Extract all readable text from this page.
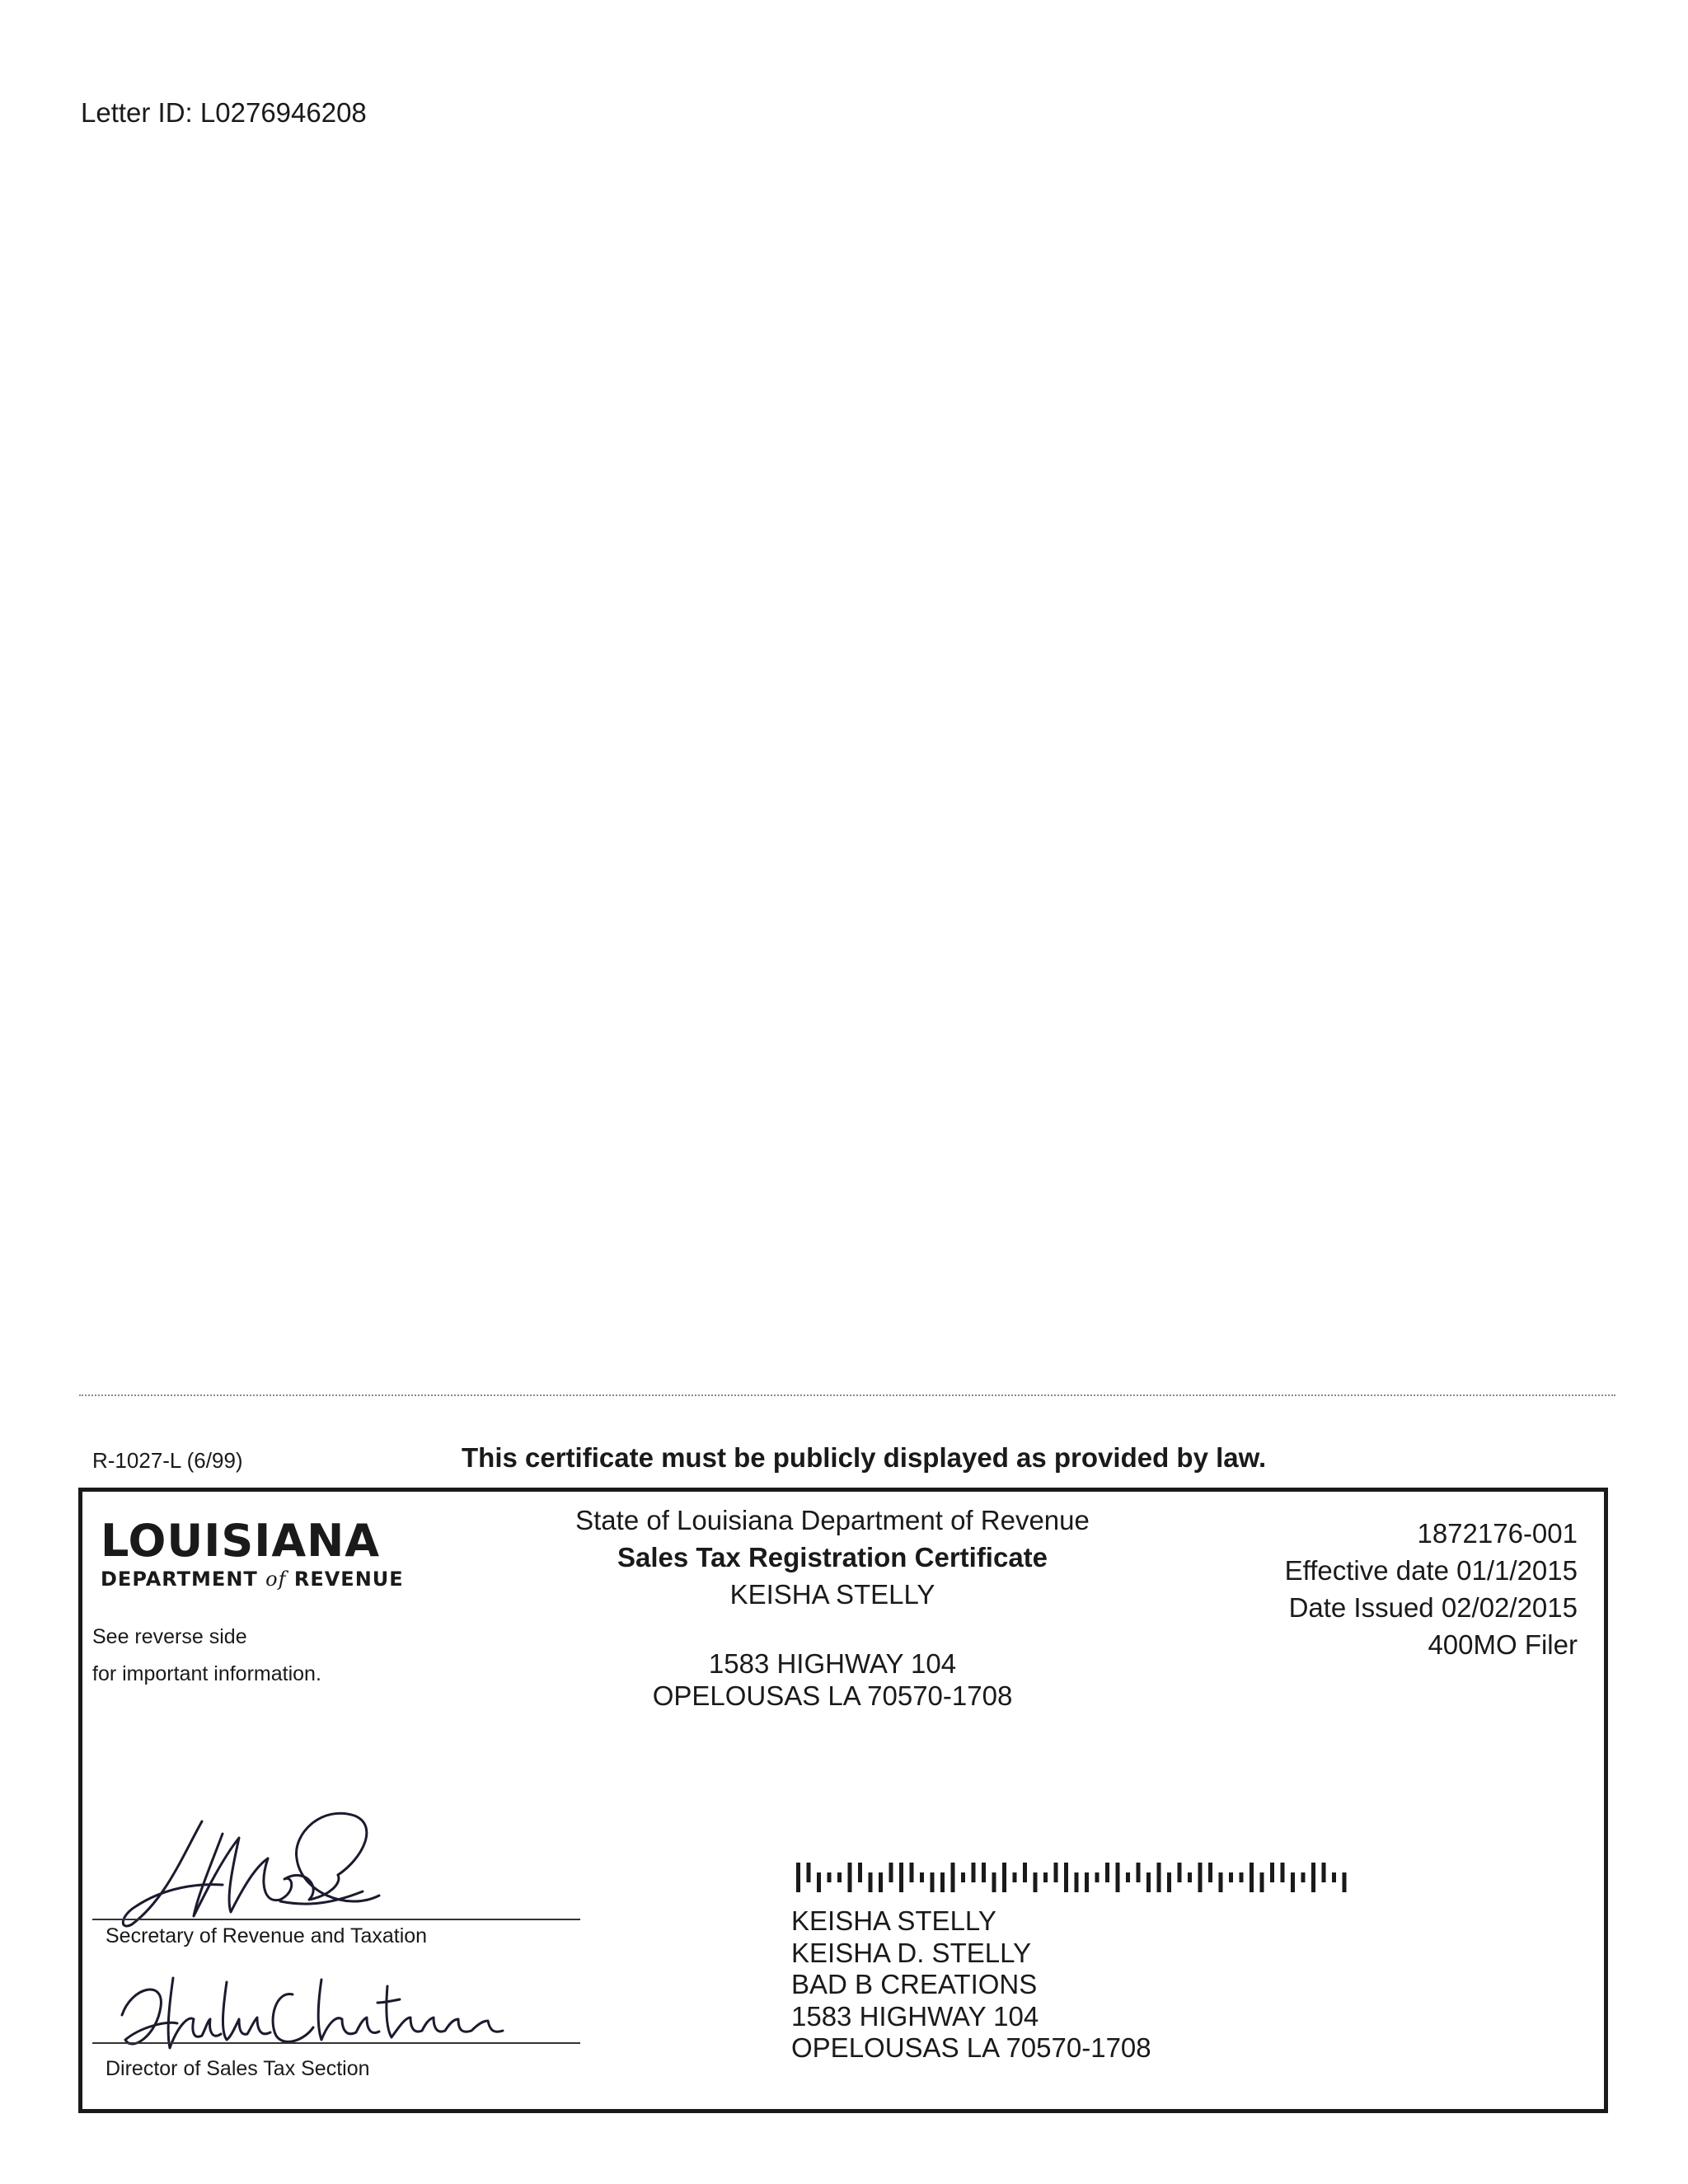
Letter ID: L0276946208
R-1027-L (6/99)	This certificate must be publicly displayed as provided by law.
LOUISIANA
DEPARTMENT of REVENUE
See reverse side
for important information.
State of Louisiana Department of Revenue
Sales Tax Registration Certificate
KEISHA STELLY
1583 HIGHWAY 104
OPELOUSAS LA 70570-1708
1872176-001
Effective date 01/1/2015
Date Issued 02/02/2015
400MO Filer
Secretary of Revenue and Taxation
Director of Sales Tax Section
KEISHA STELLY
KEISHA D. STELLY
BAD B CREATIONS
1583 HIGHWAY 104
OPELOUSAS LA 70570-1708
